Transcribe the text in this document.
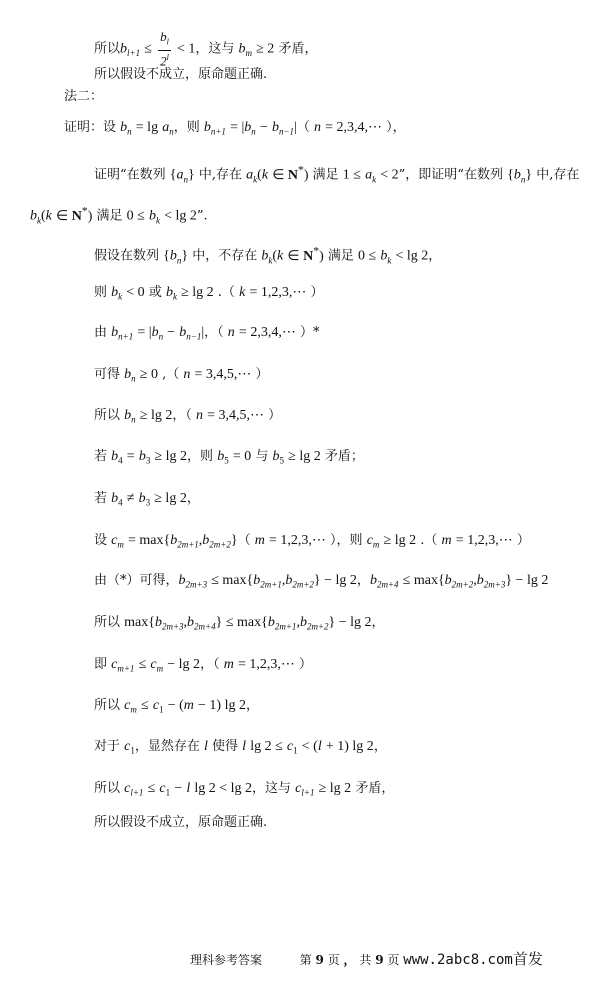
所以$b_{l+1} \le \frac{b_l}{2^l} < 1$，这与 $b_m \ge 2$ 矛盾，
所以假设不成立，原命题正确.
法二：
证明：设 $b_n = \lg a_n$，则 $b_{n+1} = |b_n - b_{n-1}|$（ n = 2,3,4,⋯ ），
证明“在数列 $\{a_n\}$ 中,存在 $a_k(k$ ∈ N*) 满足 $1 \le a_k < 2$”，即证明“在数列 $\{b_n\}$ 中,存在
$b_k(k$ ∈ N*) 满足 $0 \le b_k < \lg 2$”.
假设在数列 $\{b_n\}$ 中，不存在 $b_k(k$ ∈ N*) 满足 $0 \le b_k < \lg 2$，
则 $b_k < 0$ 或 $b_k \ge \lg 2$ .（ k = 1,2,3,⋯ ）
由 $b_{n+1} = |b_n - b_{n-1}|$，（ n = 2,3,4,⋯ ）*
可得 $b_n \ge 0$ ,（ n = 3,4,5,⋯ ）
所以 $b_n \ge \lg 2$，（ n = 3,4,5,⋯ ）
若 $b_4 = b_3 \ge \lg 2$，则 $b_5 = 0$ 与 $b_5 \ge \lg 2$ 矛盾；
若 $b_4 \ne b_3 \ge \lg 2$，
设 $c_m = \max\{b_{2m+1},b_{2m+2}\}$（ m = 1,2,3,⋯ ），则 $c_m \ge \lg 2$ .（ m = 1,2,3,⋯ ）
由（*）可得，$b_{2m+3} \le \max\{b_{2m+1},b_{2m+2}\} - \lg 2$，$b_{2m+4} \le \max\{b_{2m+2},b_{2m+3}\} - \lg 2$
所以 $\max\{b_{2m+3},b_{2m+4}\} \le \max\{b_{2m+1},b_{2m+2}\} - \lg 2$，
即 $c_{m+1} \le c_m - \lg 2$，（ m = 1,2,3,⋯ ）
所以 $c_m \le c_1 - (m - 1)$ lg 2，
对于 $c_1$，显然存在 l 使得 l $\lg 2 \le c_1 < (l + 1)$ lg 2，
所以 $c_{l+1} \le c_1 - l$ lg 2 < lg 2，这与 $c_{l+1} \ge \lg 2$ 矛盾，
所以假设不成立，原命题正确.
理科参考答案	第 9 页 ， 共 9 页 www.2abc8.com首发
